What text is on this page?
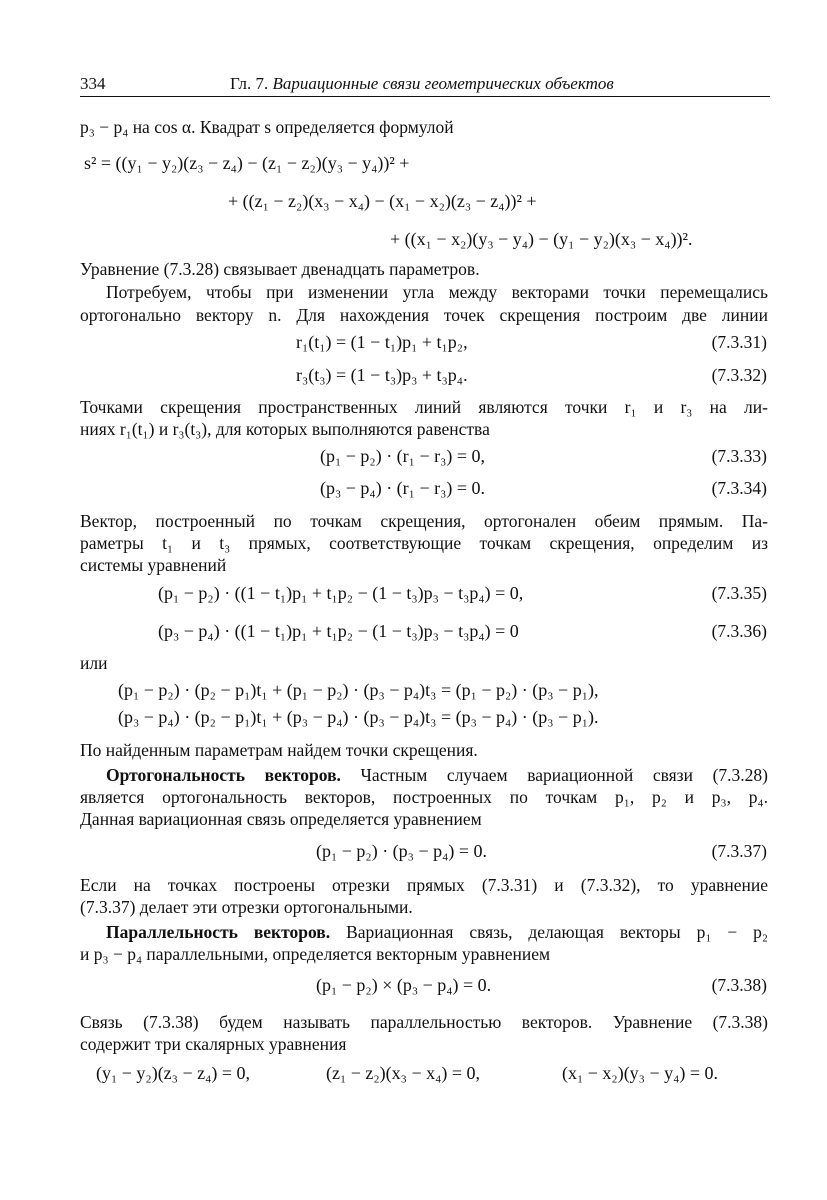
334	Гл. 7. Вариационные связи геометрических объектов
p₃ − p₄ на cos α. Квадрат s определяется формулой
s² = ((y₁ − y₂)(z₃ − z₄) − (z₁ − z₂)(y₃ − y₄))² +
+ ((z₁ − z₂)(x₃ − x₄) − (x₁ − x₂)(z₃ − z₄))² +
+ ((x₁ − x₂)(y₃ − y₄) − (y₁ − y₂)(x₃ − x₄))².
Уравнение (7.3.28) связывает двенадцать параметров.
Потребуем, чтобы при изменении угла между векторами точки перемещались
ортогонально вектору n. Для нахождения точек скрещения построим две линии
r₁(t₁) = (1 − t₁)p₁ + t₁p₂,	(7.3.31)
r₃(t₃) = (1 − t₃)p₃ + t₃p₄.	(7.3.32)
Точками скрещения пространственных линий являются точки r₁ и r₃ на ли-
ниях r₁(t₁) и r₃(t₃), для которых выполняются равенства
(p₁ − p₂) · (r₁ − r₃) = 0,	(7.3.33)
(p₃ − p₄) · (r₁ − r₃) = 0.	(7.3.34)
Вектор, построенный по точкам скрещения, ортогонален обеим прямым. Па-
раметры t₁ и t₃ прямых, соответствующие точкам скрещения, определим из
системы уравнений
(p₁ − p₂) · ((1 − t₁)p₁ + t₁p₂ − (1 − t₃)p₃ − t₃p₄) = 0,	(7.3.35)
(p₃ − p₄) · ((1 − t₁)p₁ + t₁p₂ − (1 − t₃)p₃ − t₃p₄) = 0	(7.3.36)
или
(p₁ − p₂) · (p₂ − p₁)t₁ + (p₁ − p₂) · (p₃ − p₄)t₃ = (p₁ − p₂) · (p₃ − p₁),
(p₃ − p₄) · (p₂ − p₁)t₁ + (p₃ − p₄) · (p₃ − p₄)t₃ = (p₃ − p₄) · (p₃ − p₁).
По найденным параметрам найдем точки скрещения.
Ортогональность векторов. Частным случаем вариационной связи (7.3.28)
является ортогональность векторов, построенных по точкам p₁, p₂ и p₃, p₄.
Данная вариационная связь определяется уравнением
(p₁ − p₂) · (p₃ − p₄) = 0.	(7.3.37)
Если на точках построены отрезки прямых (7.3.31) и (7.3.32), то уравнение
(7.3.37) делает эти отрезки ортогональными.
Параллельность векторов. Вариационная связь, делающая векторы p₁ − p₂
и p₃ − p₄ параллельными, определяется векторным уравнением
(p₁ − p₂) × (p₃ − p₄) = 0.	(7.3.38)
Связь (7.3.38) будем называть параллельностью векторов. Уравнение (7.3.38)
содержит три скалярных уравнения
(y₁ − y₂)(z₃ − z₄) = 0,	(z₁ − z₂)(x₃ − x₄) = 0,	(x₁ − x₂)(y₃ − y₄) = 0.
